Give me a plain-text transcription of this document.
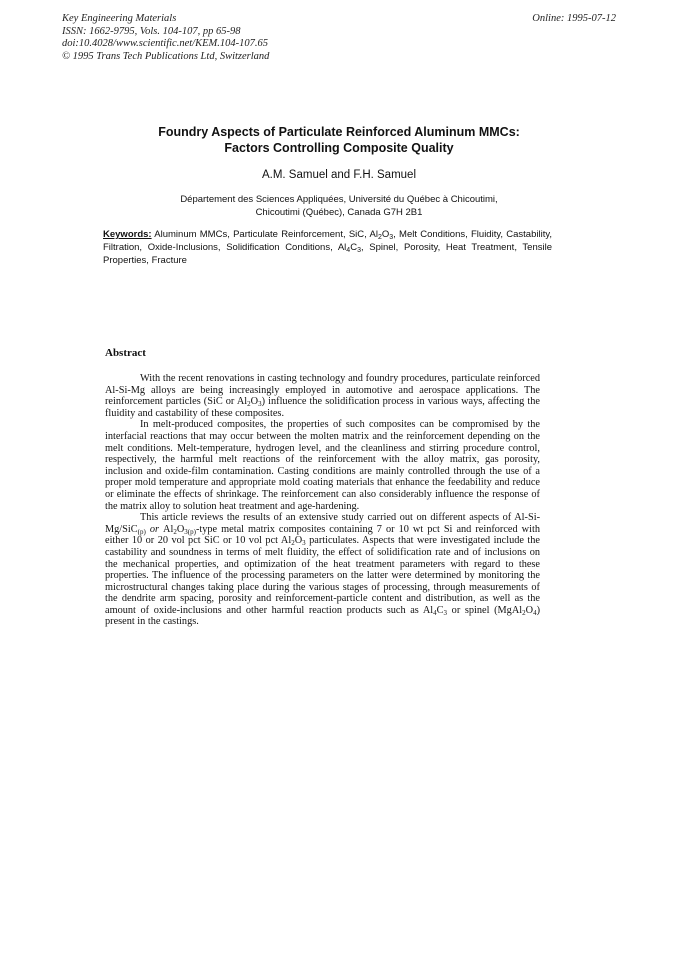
Key Engineering Materials
ISSN: 1662-9795, Vols. 104-107, pp 65-98
doi:10.4028/www.scientific.net/KEM.104-107.65
© 1995 Trans Tech Publications Ltd, Switzerland
Online: 1995-07-12
Foundry Aspects of Particulate Reinforced Aluminum MMCs:
Factors Controlling Composite Quality
A.M. Samuel and F.H. Samuel
Département des Sciences Appliquées, Université du Québec à Chicoutimi,
Chicoutimi (Québec), Canada G7H 2B1
Keywords: Aluminum MMCs, Particulate Reinforcement, SiC, $Al_2O_3$, Melt Conditions, Fluidity, Castability, Filtration, Oxide-Inclusions, Solidification Conditions, $Al_4C_3$, Spinel, Porosity, Heat Treatment, Tensile Properties, Fracture
Abstract

With the recent renovations in casting technology and foundry procedures, particulate reinforced Al-Si-Mg alloys are being increasingly employed in automotive and aerospace applications. The reinforcement particles (SiC or $Al_2O_3$) influence the solidification process in various ways, affecting the fluidity and castability of these composites.

In melt-produced composites, the properties of such composites can be compromised by the interfacial reactions that may occur between the molten matrix and the reinforcement depending on the melt conditions. Melt-temperature, hydrogen level, and the cleanliness and stirring procedure control, respectively, the harmful melt reactions of the reinforcement with the alloy matrix, gas porosity, inclusion and oxide-film contamination. Casting conditions are mainly controlled through the use of a proper mold temperature and appropriate mold coating materials that enhance the feedability and reduce or eliminate the effects of shrinkage. The reinforcement can also considerably influence the response of the matrix alloy to solution heat treatment and age-hardening.

This article reviews the results of an extensive study carried out on different aspects of Al-Si-Mg/SiC$_{(p)}$ or $Al_2O_{3(p)}$-type metal matrix composites containing 7 or 10 wt pct Si and reinforced with either 10 or 20 vol pct SiC or 10 vol pct $Al_2O_3$ particulates. Aspects that were investigated include the castability and soundness in terms of melt fluidity, the effect of solidification rate and of inclusions on the mechanical properties, and optimization of the heat treatment parameters with regard to these properties. The influence of the processing parameters on the latter were determined by monitoring the microstructural changes taking place during the various stages of processing, through measurements of the dendrite arm spacing, porosity and reinforcement-particle content and distribution, as well as the amount of oxide-inclusions and other harmful reaction products such as $Al_4C_3$ or spinel $(MgAl_2O_4)$ present in the castings.
